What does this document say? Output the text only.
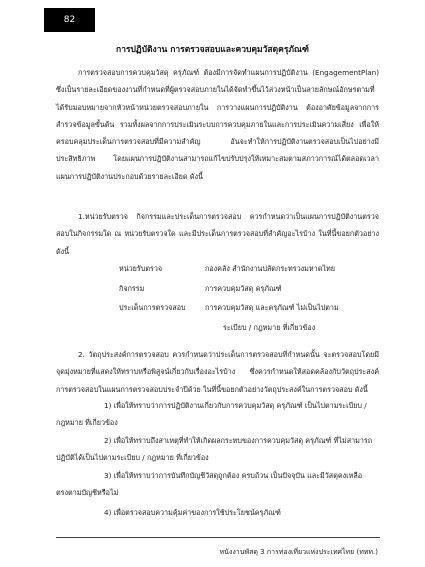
82
การปฏิบัติงาน การตรวจสอบและควบคุมวัสดุครุภัณฑ์

การตรวจสอบการควบคุมวัสดุ ครุภัณฑ์ ต้องมีการจัดทำแผนการปฏิบัติงาน (EngagementPlan) ซึ่งเป็นรายละเอียดของงานที่กำหนดที่ผู้ตรวจสอบภายในได้จัดทำขึ้นไว้ล่วงหน้าเป็นลายลักษณ์อักษรตามที่ได้รับมอบหมายจากหัวหน้าหน่วยตรวจสอบภายใน การวางแผนการปฏิบัติงาน ต้องอาศัยข้อมูลจากการสำรวจข้อมูลขั้นต้น รวมทั้งผลจากการประเมินระบบการควบคุมภายในและการประเมินความเสี่ยง เพื่อให้ครอบคลุมประเด็นการตรวจสอบที่มีความสำคัญ อันจะทำให้การปฏิบัติงานตรวจสอบเป็นไปอย่างมีประสิทธิภาพ โดยแผนการปฏิบัติงานสามารถแก้ไขปรับปรุงให้เหมาะสมตามสภาวการณ์ได้ตลอดเวลา แผนการปฏิบัติงานประกอบด้วยรายละเอียด ดังนี้

1.หน่วยรับตรวจ กิจกรรมและประเด็นการตรวจสอบ ควรกำหนดว่าเป็นแผนการปฏิบัติงานตรวจสอบในกิจกรรมใด ณ หน่วยรับตรวจใด และมีประเด็นการตรวจสอบที่สำคัญอะไรบ้าง ในที่นี้ขอยกตัวอย่าง ดังนี้

หน่วยรับตรวจ	กองคลัง สำนักงานปลัดกระทรวงมหาดไทย
กิจกรรม	การควบคุมวัสดุ ครุภัณฑ์
ประเด็นการตรวจสอบ	การควบคุมวัสดุ และครุภัณฑ์ ไม่เป็นไปตาม
	ระเบียบ / กฎหมาย ที่เกี่ยวข้อง

2. วัตถุประสงค์การตรวจสอบ ควรกำหนดว่าประเด็นการตรวจสอบที่กำหนดนั้น จะตรวจสอบโดยมีจุดมุ่งหมายที่แสดงให้ทราบหรือพิสูจน์เกี่ยวกับเรื่องอะไรบ้าง ซึ่งควรกำหนดให้สอดคล้องกับวัตถุประสงค์การตรวจสอบในแผนการตรวจสอบประจำปีด้วย ในที่นี้ขอยกตัวอย่างวัตถุประสงค์ในการตรวจสอบ ดังนี้

1) เพื่อให้ทราบว่าการปฏิบัติงานเกี่ยวกับการควบคุมวัสดุ ครุภัณฑ์ เป็นไปตามระเบียบ /

กฎหมาย ที่เกี่ยวข้อง

2) เพื่อให้ทราบถึงสาเหตุที่ทำให้เกิดผลกระทบของการควบคุมวัสดุ ครุภัณฑ์ ที่ไม่สามารถ

ปฏิบัติได้เป็นไปตามระเบียบ / กฎหมาย ที่เกี่ยวข้อง

3) เพื่อให้ทราบว่าการบันทึกบัญชีวัสดุถูกต้อง ครบถ้วน เป็นปัจจุบัน และมีวัสดุคงเหลือ

ตรงตามบัญชีหรือไม่

4) เพื่อตรวจสอบความคุ้มค่าของการใช้ประโยชน์ครุภัณฑ์

หนังงานพัสดุ 3 การท่องเที่ยวแห่งประเทศไทย (ททท.)
